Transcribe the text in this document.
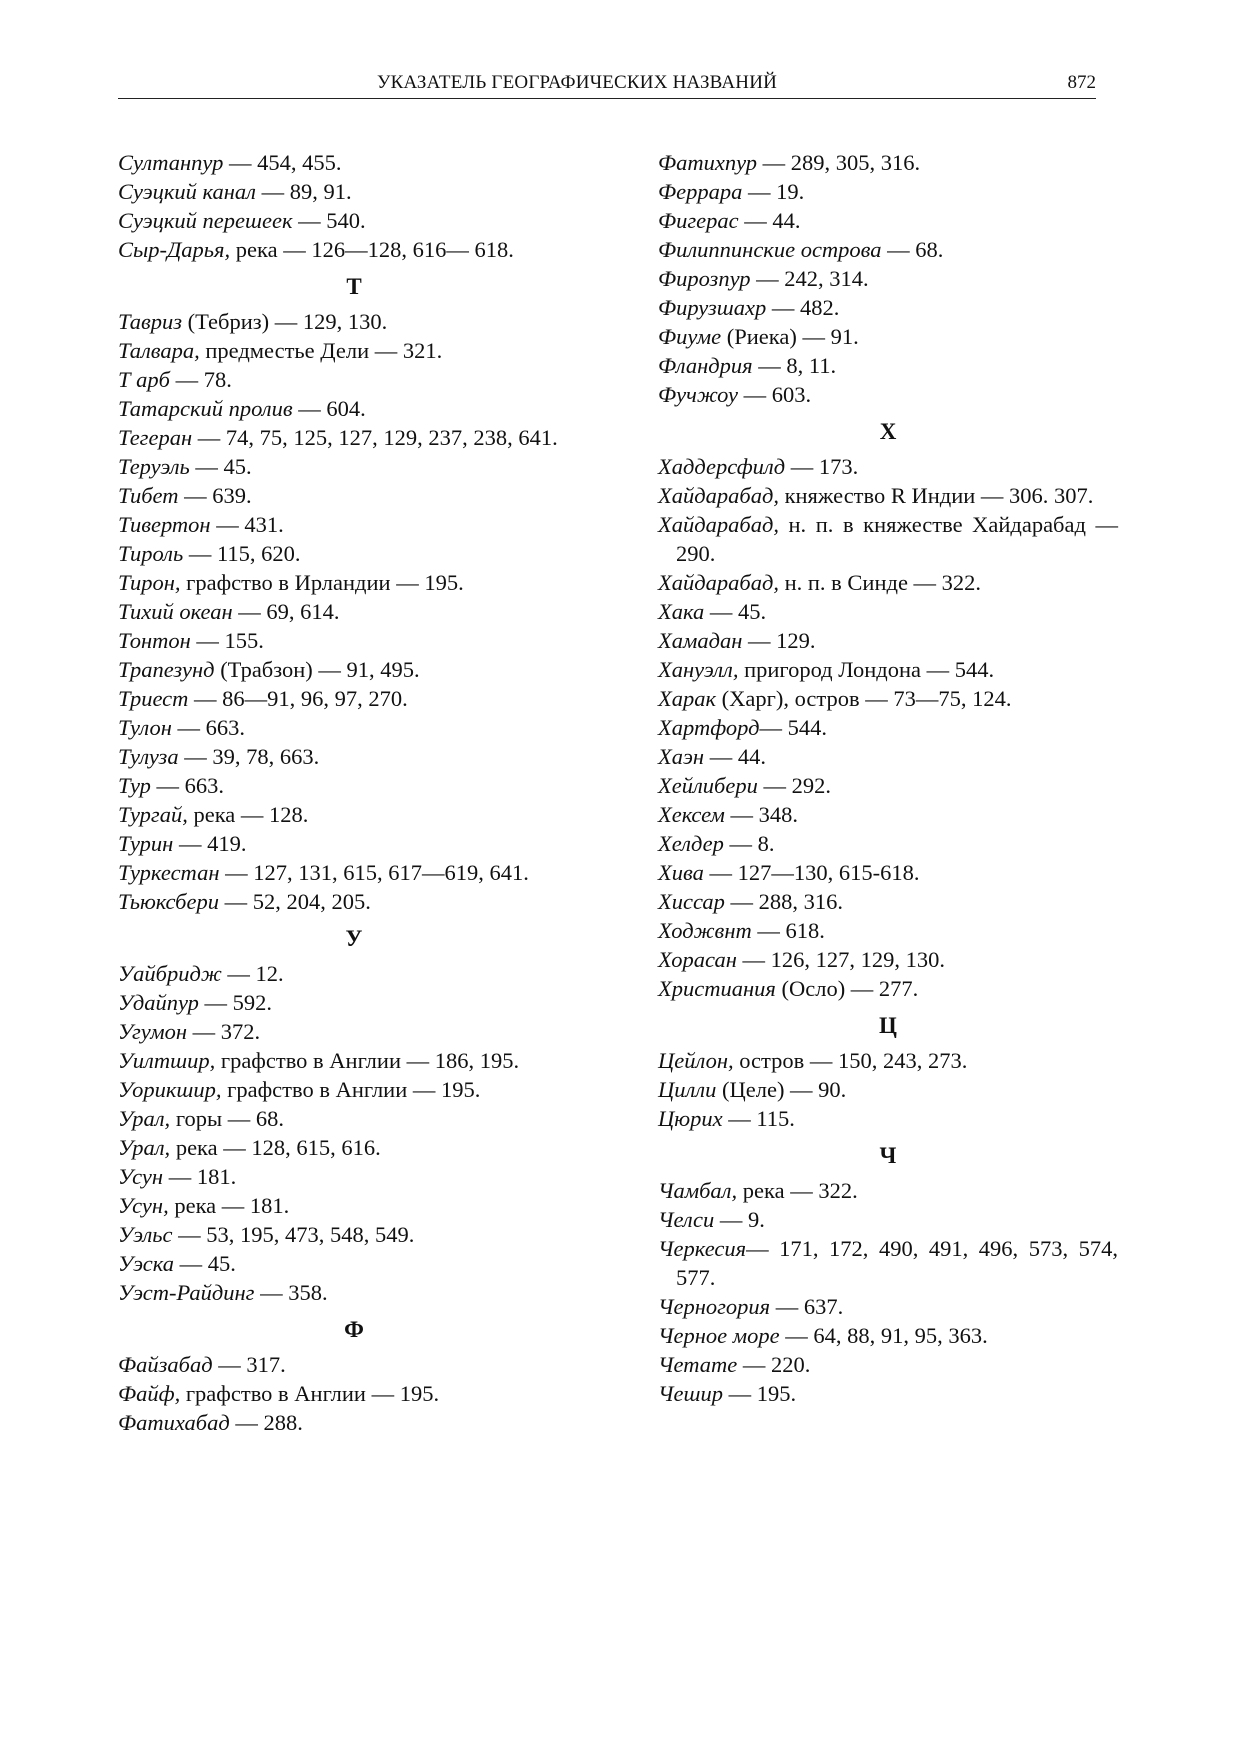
УКАЗАТЕЛЬ ГЕОГРАФИЧЕСКИХ НАЗВАНИЙ	872
Султанпур — 454, 455.
Суэцкий канал — 89, 91.
Суэцкий перешеек — 540.
Сыр-Дарья, река — 126—128, 616— 618.
Т
Тавриз (Тебриз) — 129, 130.
Талвара, предместье Дели — 321.
Т арб — 78.
Татарский пролив — 604.
Тегеран — 74, 75, 125, 127, 129, 237, 238, 641.
Теруэль — 45.
Тибет — 639.
Тивертон — 431.
Тироль — 115, 620.
Тирон, графство в Ирландии — 195.
Тихий океан — 69, 614.
Тонтон — 155.
Трапезунд (Трабзон) — 91, 495.
Триест — 86—91, 96, 97, 270.
Тулон — 663.
Тулуза — 39, 78, 663.
Тур — 663.
Тургай, река — 128.
Турин — 419.
Туркестан — 127, 131, 615, 617—619, 641.
Тьюксбери — 52, 204, 205.
У
Уайбридж — 12.
Удайпур — 592.
Угумон — 372.
Уилтшир, графство в Англии — 186, 195.
Уорикшир, графство в Англии — 195.
Урал, горы — 68.
Урал, река — 128, 615, 616.
Усун — 181.
Усун, река — 181.
Уэльс — 53, 195, 473, 548, 549.
Уэска — 45.
Уэст-Райдинг — 358.
Ф
Файзабад — 317.
Файф, графство в Англии — 195.
Фатихабад — 288.
Фатихпур — 289, 305, 316.
Феррара — 19.
Фигерас — 44.
Филиппинские острова — 68.
Фирозпур — 242, 314.
Фирузшахр — 482.
Фиуме (Риека) — 91.
Фландрия — 8, 11.
Фучжоу — 603.
Х
Хаддерсфилд — 173.
Хайдарабад, княжество R Индии — 306. 307.
Хайдарабад, н. п. в княжестве Хайдарабад — 290.
Хайдарабад, н. п. в Синде — 322.
Хака — 45.
Хамадан — 129.
Хануэлл, пригород Лондона — 544.
Харак (Харг), остров — 73—75, 124.
Хартфорд— 544.
Хаэн — 44.
Хейлибери — 292.
Хексем — 348.
Хелдер — 8.
Хива — 127—130, 615-618.
Хиссар — 288, 316.
Ходжвнт — 618.
Хорасан — 126, 127, 129, 130.
Христиания (Осло) — 277.
Ц
Цейлон, остров — 150, 243, 273.
Цилли (Целе) — 90.
Цюрих — 115.
Ч
Чамбал, река — 322.
Челси — 9.
Черкесия— 171, 172, 490, 491, 496, 573, 574, 577.
Черногория — 637.
Черное море — 64, 88, 91, 95, 363.
Четате — 220.
Чешир — 195.
